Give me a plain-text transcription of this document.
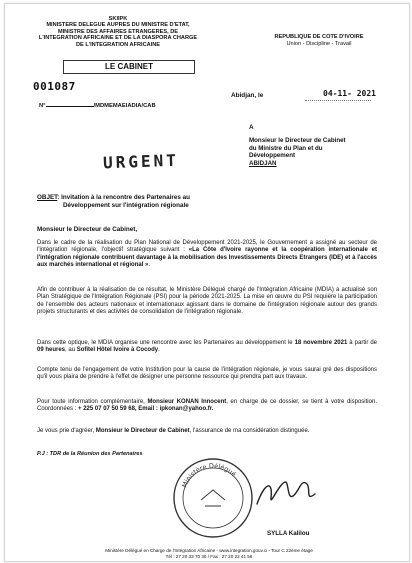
SKIIPK
MINISTERE DELEGUE AUPRES DU MINISTRE D'ETAT,
MINISTRE DES AFFAIRES ETRANGERES, DE
L'INTEGRATION AFRICAINE ET DE LA DIASPORA CHARGE
DE L'INTEGRATION AFRICAINE
REPUBLIQUE DE COTE D'IVOIRE
Union - Discipline - Travail
LE CABINET
001087
N°	/MDMEMAEIADIA/CAB
Abidjan, le	04-11- 2021
A
Monsieur le Directeur de Cabinet
du Ministre du Plan et du
Développement
ABIDJAN
URGENT
OBJET: Invitation à la rencontre des Partenaires au
Développement sur l'intégration régionale
Monsieur le Directeur de Cabinet,
Dans le cadre de la réalisation du Plan National de Développement 2021-2025, le Gouvernement a assigné au secteur de l'intégration régionale, l'objectif stratégique suivant : «La Côte d'Ivoire rayonne et la coopération internationale et l'intégration régionale contribuent davantage à la mobilisation des Investissements Directs Etrangers (IDE) et à l'accès aux marchés international et régional ».
Afin de contribuer à la réalisation de ce résultat, le Ministère Délégué chargé de l'Intégration Africaine (MDIA) a actualisé son Plan Stratégique de l'Intégration Régionale (PSI) pour la période 2021-2025. La mise en œuvre du PSI requière la participation de l'ensemble des acteurs nationaux et internationaux agissant dans le domaine de l'intégration régionale autour des grands projets structurants et des activités de consolidation de l'intégration régionale.
Dans cette optique, le MDIA organise une rencontre avec les Partenaires au développement le 18 novembre 2021 à partir de 09 heures, au Sofitel Hôtel Ivoire à Cocody.
Compte tenu de l'engagement de votre Institution pour la cause de l'intégration régionale, je vous saurai gré des dispositions qu'il vous plaira de prendre à l'effet de désigner une personne ressource qui prendra part aux travaux.
Pour toute information complémentaire, Monsieur KONAN Innocent, en charge de ce dossier, se tient à votre disposition. Coordonnées : + 225 07 07 50 59 68, Email : ipkonan@yahoo.fr.
Je vous prie d'agréer, Monsieur le Directeur de Cabinet, l'assurance de ma considération distinguée.
P.J : TDR de la Réunion des Partenaires
Ministère Délégué
SYLLA Kalilou
Ministère Délégué en Charge de l'Intégration Africaine - www.integration.gouv.ci - Tour C 22ème étage
Tél : 27 20 33 70 30 / Fax : 27 20 22 41 56
